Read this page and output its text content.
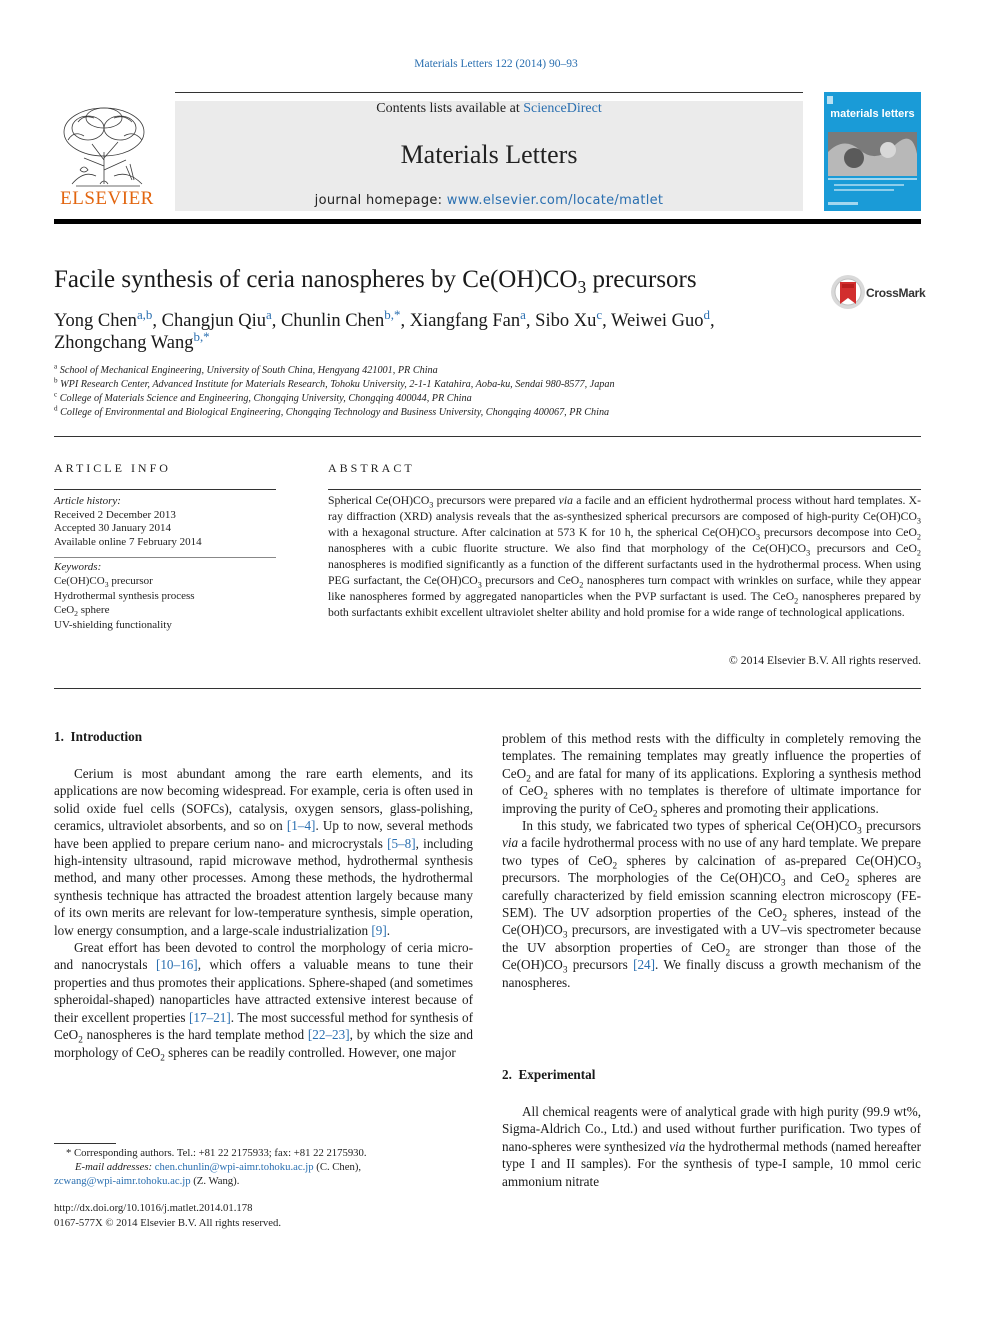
Materials Letters 122 (2014) 90–93
Contents lists available at ScienceDirect
Materials Letters
journal homepage: www.elsevier.com/locate/matlet
ELSEVIER
materials letters
Facile synthesis of ceria nanospheres by $Ce(OH)CO_3$ precursors	CrossMark
Yong Chen$^{a,b}$, Changjun Qiu$^a$, Chunlin Chen$^{b,*}$, Xiangfang Fan$^a$, Sibo Xu$^c$, Weiwei Guo$^d$,
Zhongchang Wang$^{b,*}$
$^a$ School of Mechanical Engineering, University of South China, Hengyang 421001, PR China
$^b$ WPI Research Center, Advanced Institute for Materials Research, Tohoku University, 2-1-1 Katahira, Aoba-ku, Sendai 980-8577, Japan
$^c$ College of Materials Science and Engineering, Chongqing University, Chongqing 400044, PR China
$^d$ College of Environmental and Biological Engineering, Chongqing Technology and Business University, Chongqing 400067, PR China
ARTICLE INFO
Article history:
Received 2 December 2013
Accepted 30 January 2014
Available online 7 February 2014
Keywords:
$Ce(OH)CO_3$ precursor
Hydrothermal synthesis process
CeO$_2$ sphere
UV-shielding functionality
ABSTRACT
Spherical $Ce(OH)CO_3$ precursors were prepared via a facile and an efficient hydrothermal process without hard templates. X-ray diffraction (XRD) analysis reveals that the as-synthesized spherical precursors are composed of high-purity $Ce(OH)CO_3$ with a hexagonal structure. After calcination at 573 K for 10 h, the spherical $Ce(OH)CO_3$ precursors decompose into CeO$_2$ nanospheres with a cubic fluorite structure. We also find that morphology of the $Ce(OH)CO_3$ precursors and CeO$_2$ nanospheres is modified significantly as a function of the different surfactants used in the hydrothermal process. When using PEG surfactant, the $Ce(OH)CO_3$ precursors and CeO$_2$ nanospheres turn compact with wrinkles on surface, while they appear like nanospheres formed by aggregated nanoparticles when the PVP surfactant is used. The CeO$_2$ nanospheres prepared by both surfactants exhibit excellent ultraviolet shelter ability and hold promise for a wide range of technological applications.
© 2014 Elsevier B.V. All rights reserved.
1. Introduction

Cerium is most abundant among the rare earth elements, and its applications are now becoming widespread. For example, ceria is often used in solid oxide fuel cells (SOFCs), catalysis, oxygen sensors, glass-polishing, ceramics, ultraviolet absorbents, and so on [1–4]. Up to now, several methods have been applied to prepare cerium nano- and microcrystals [5–8], including high-intensity ultrasound, rapid microwave method, hydrothermal synthesis method, and many other processes. Among these methods, the hydrothermal synthesis technique has attracted the broadest attention largely because many of its own merits are relevant for low-temperature synthesis, simple operation, low energy consumption, and a large-scale industrialization [9].

Great effort has been devoted to control the morphology of ceria micro- and nanocrystals [10–16], which offers a valuable means to tune their properties and thus promotes their applications. Sphere-shaped (and sometimes spheroidal-shaped) nanoparticles have attracted extensive interest because of their excellent properties [17–21]. The most successful method for synthesis of CeO$_2$ nanospheres is the hard template method [22–23], by which the size and morphology of CeO$_2$ spheres can be readily controlled. However, one major

problem of this method rests with the difficulty in completely removing the templates. The remaining templates may greatly influence the properties of CeO$_2$ and are fatal for many of its applications. Exploring a synthesis method of CeO$_2$ spheres with no templates is therefore of ultimate importance for improving the purity of CeO$_2$ spheres and promoting their applications.

In this study, we fabricated two types of spherical $Ce(OH)CO_3$ precursors via a facile hydrothermal process with no use of any hard template. We prepare two types of CeO$_2$ spheres by calcination of as-prepared $Ce(OH)CO_3$ precursors. The morphologies of the $Ce(OH)CO_3$ and CeO$_2$ spheres are carefully characterized by field emission scanning electron microscopy (FE-SEM). The UV adsorption properties of the CeO$_2$ spheres, instead of the $Ce(OH)CO_3$ precursors, are investigated with a UV–vis spectrometer because the UV absorption properties of CeO$_2$ are stronger than those of the $Ce(OH)CO_3$ precursors [24]. We finally discuss a growth mechanism of the nanospheres.

2. Experimental

All chemical reagents were of analytical grade with high purity (99.9 wt%, Sigma-Aldrich Co., Ltd.) and used without further purification. Two types of nano-spheres were synthesized via the hydrothermal methods (named hereafter type I and II samples). For the synthesis of type-I sample, 10 mmol ceric ammonium nitrate

* Corresponding authors. Tel.: +81 22 2175933; fax: +81 22 2175930.
E-mail addresses: chen.chunlin@wpi-aimr.tohoku.ac.jp (C. Chen),
zcwang@wpi-aimr.tohoku.ac.jp (Z. Wang).
http://dx.doi.org/10.1016/j.matlet.2014.01.178
0167-577X © 2014 Elsevier B.V. All rights reserved.
